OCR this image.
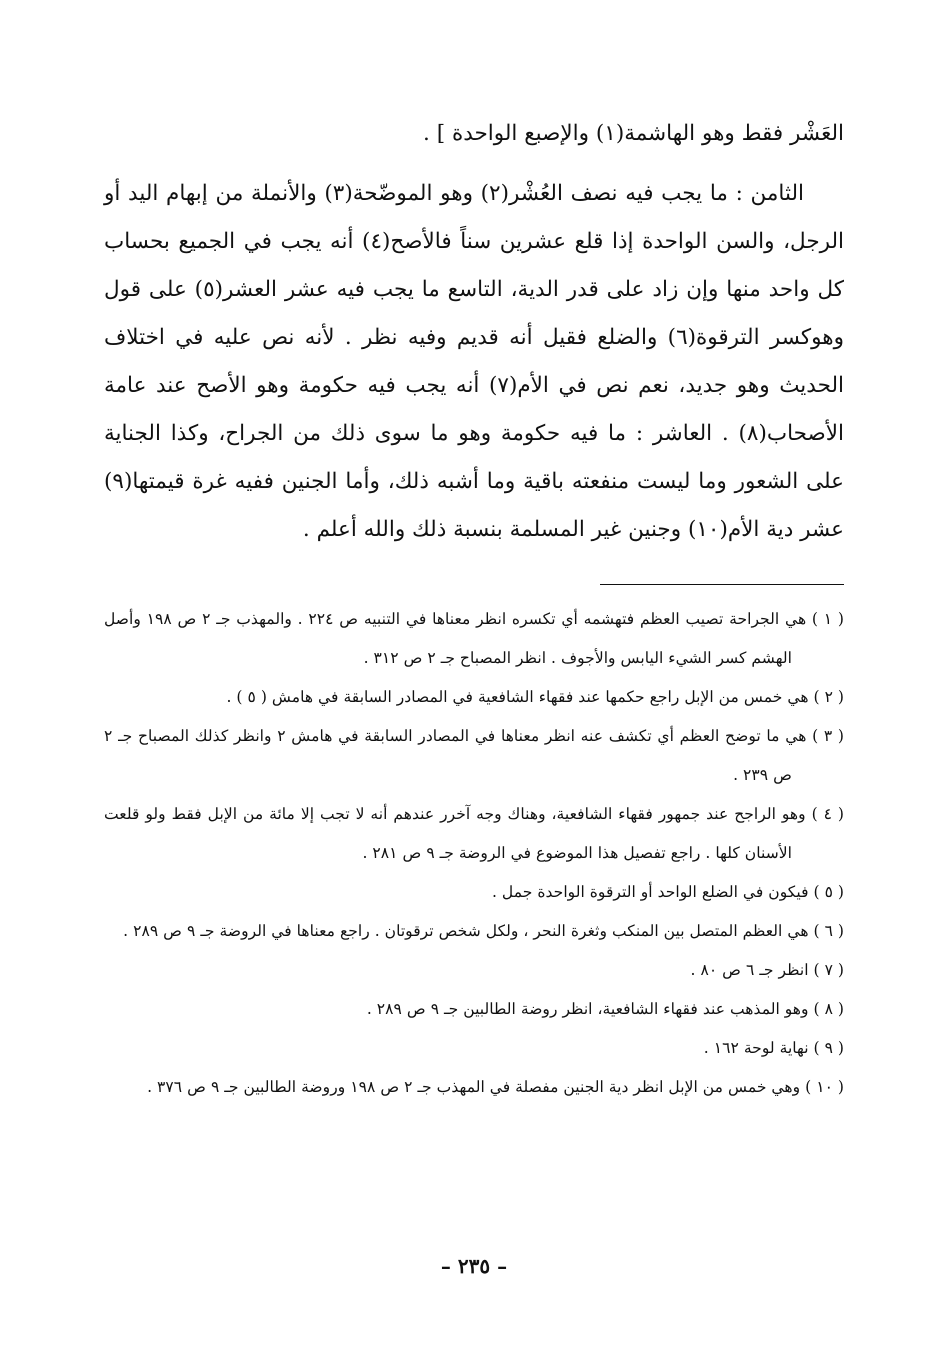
العَشْر فقط وهو الهاشمة(١) والإصبع الواحدة ] .

الثامن : ما يجب فيه نصف العُشْر(٢) وهو الموضّحة(٣) والأنملة من إبهام اليد أو الرجل، والسن الواحدة إذا قلع عشرين سناً فالأصح(٤) أنه يجب في الجميع بحساب كل واحد منها وإن زاد على قدر الدية، التاسع ما يجب فيه عشر العشر(٥) على قول وهوكسر الترقوة(٦) والضلع فقيل أنه قديم وفيه نظر . لأنه نص عليه في اختلاف الحديث وهو جديد، نعم نص في الأم(٧) أنه يجب فيه حكومة وهو الأصح عند عامة الأصحاب(٨) . العاشر : ما فيه حكومة وهو ما سوى ذلك من الجراح، وكذا الجناية على الشعور وما ليست منفعته باقية وما أشبه ذلك، وأما الجنين ففيه غرة قيمتها(٩) عشر دية الأم(١٠) وجنين غير المسلمة بنسبة ذلك والله أعلم .

( ١ ) هي الجراحة تصيب العظم فتهشمه أي تكسره انظر معناها في التنبيه ص ٢٢٤ . والمهذب جـ ٢ ص ١٩٨ وأصل الهشم كسر الشيء اليابس والأجوف . انظر المصباح جـ ٢ ص ٣١٢ .

( ٢ ) هي خمس من الإبل راجع حكمها عند فقهاء الشافعية في المصادر السابقة في هامش ( ٥ ) .

( ٣ ) هي ما توضح العظم أي تكشف عنه انظر معناها في المصادر السابقة في هامش ٢ وانظر كذلك المصباح جـ ٢ ص ٢٣٩ .

( ٤ ) وهو الراجح عند جمهور فقهاء الشافعية، وهناك وجه آخرر عندهم أنه لا تجب إلا مائة من الإبل فقط ولو قلعت الأسنان كلها . راجع تفصيل هذا الموضوع في الروضة جـ ٩ ص ٢٨١ .

( ٥ ) فيكون في الضلع الواحد أو الترقوة الواحدة جمل .

( ٦ ) هي العظم المتصل بين المنكب وثغرة النحر ، ولكل شخص ترقوتان . راجع معناها في الروضة جـ ٩ ص ٢٨٩ .

( ٧ ) انظر جـ ٦ ص ٨٠ .

( ٨ ) وهو المذهب عند فقهاء الشافعية، انظر روضة الطالبين جـ ٩ ص ٢٨٩ .

( ٩ ) نهاية لوحة ١٦٢ .

( ١٠ ) وهي خمس من الإبل انظر دية الجنين مفصلة في المهذب جـ ٢ ص ١٩٨ وروضة الطالبين جـ ٩ ص ٣٧٦ .

– ٢٣٥ –
